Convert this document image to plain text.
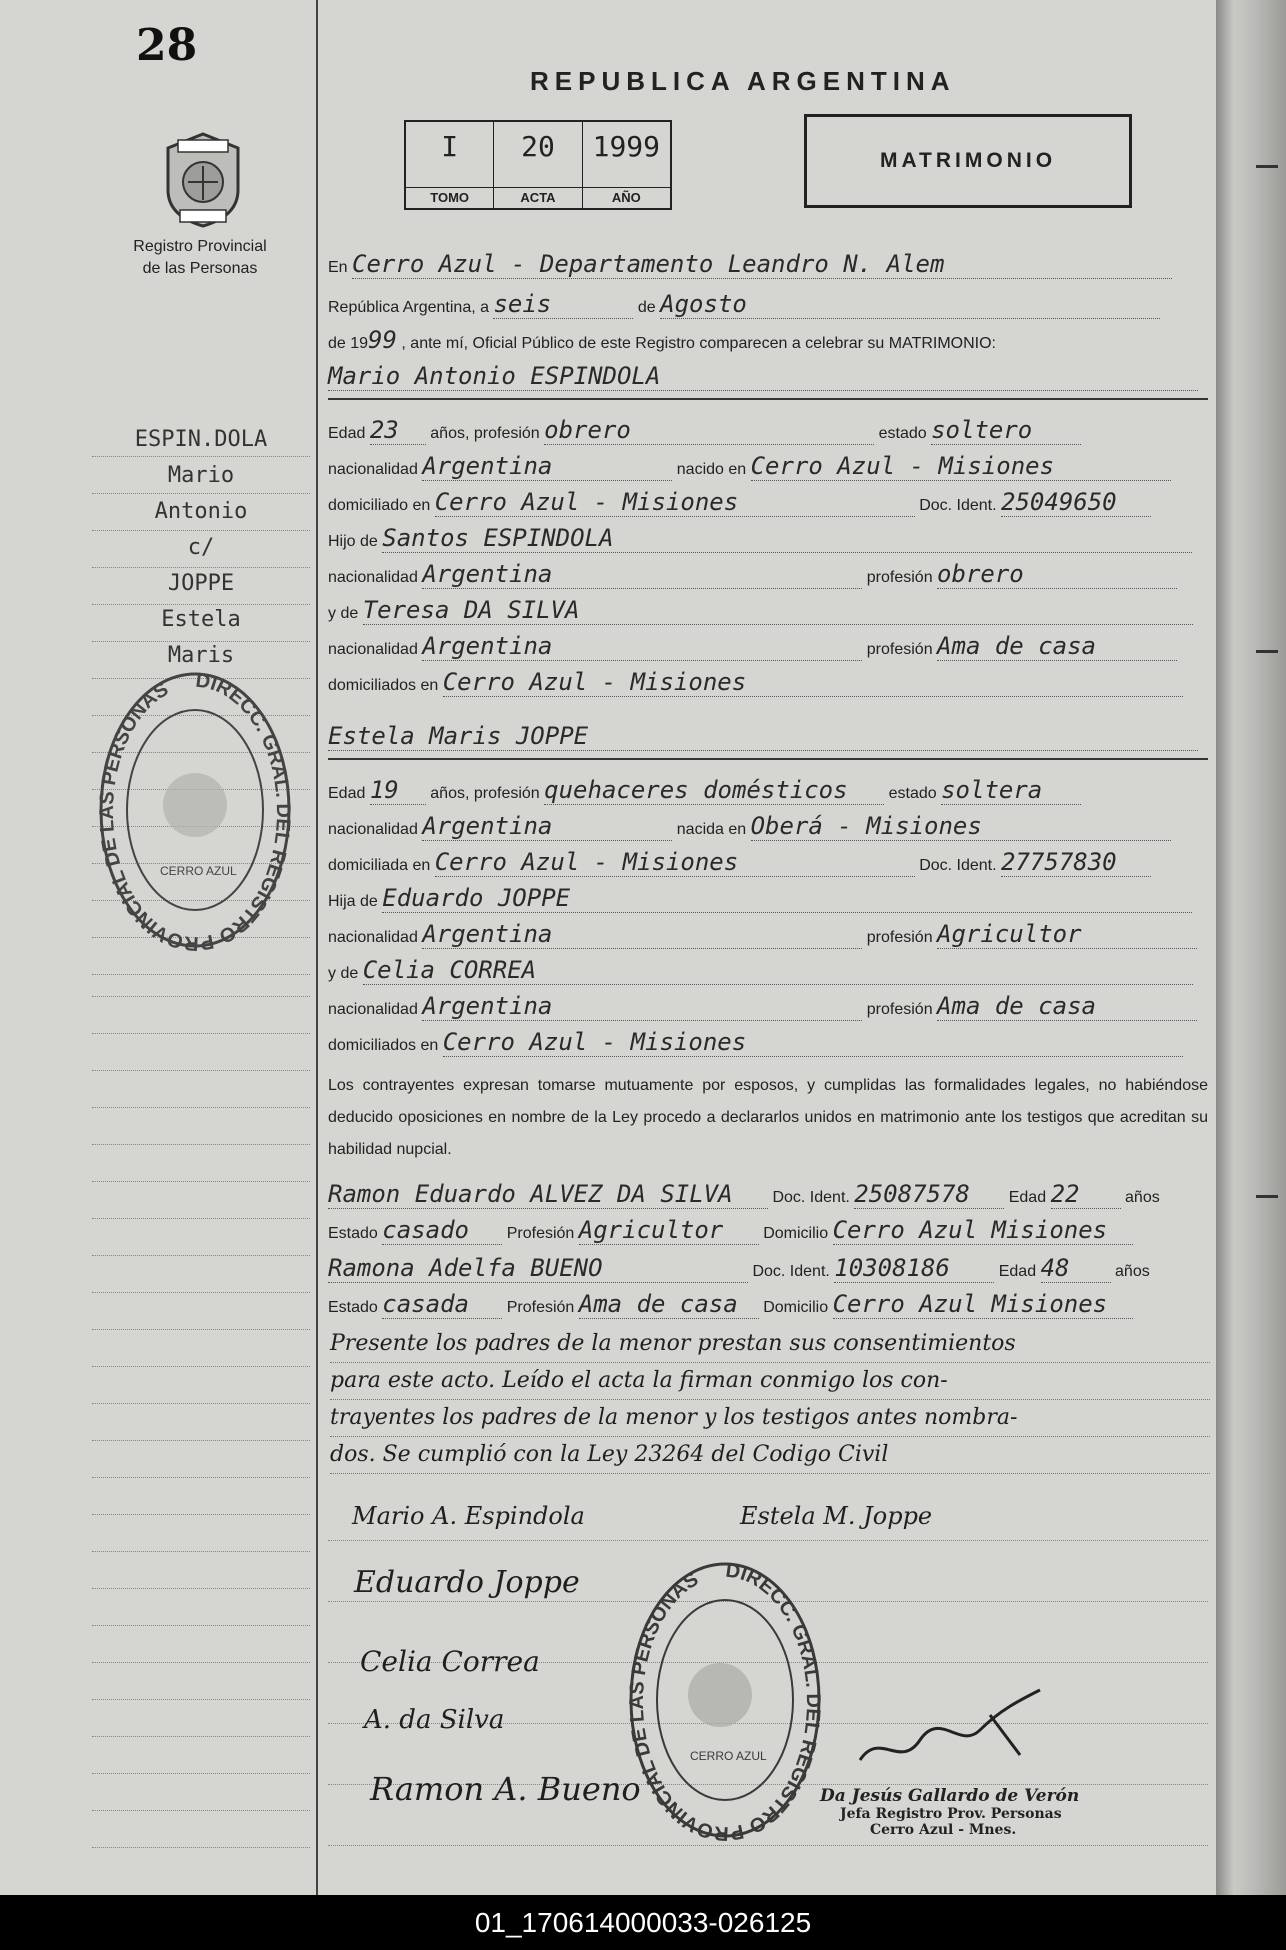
28
Registro Provincial
de las Personas
ESPIN.DOLA
Mario
Antonio
c/
JOPPE
Estela
Maris
DIRECC. GRAL. DEL REGISTRO PROVINCIAL DE LAS PERSONAS
CERRO AZUL
REPUBLICA ARGENTINA
I
TOMO
20
ACTA
1999
AÑO
MATRIMONIO
En Cerro Azul - Departamento Leandro N. Alem
República Argentina, a seis	de Agosto
de 1999 , ante mí, Oficial Público de este Registro comparecen a celebrar su MATRIMONIO:
Mario Antonio ESPINDOLA
Edad 23 años, profesión obrero	estado soltero
nacionalidad Argentina	nacido en Cerro Azul - Misiones
domiciliado en Cerro Azul - Misiones	Doc. Ident. 25049650
Hijo de Santos ESPINDOLA
nacionalidad Argentina	profesión obrero
y de Teresa DA SILVA
nacionalidad Argentina	profesión Ama de casa
domiciliados en Cerro Azul - Misiones
Estela Maris JOPPE
Edad 19 años, profesión quehaceres domésticos	estado soltera
nacionalidad Argentina	nacida en Oberá - Misiones
domiciliada en Cerro Azul - Misiones	Doc. Ident. 27757830
Hija de Eduardo JOPPE
nacionalidad Argentina	profesión Agricultor
y de Celia CORREA
nacionalidad Argentina	profesión Ama de casa
domiciliados en Cerro Azul - Misiones
Los contrayentes expresan tomarse mutuamente por esposos, y cumplidas las formalidades legales, no habiéndose deducido oposiciones en nombre de la Ley procedo a declararlos unidos en matrimonio ante los testigos que acreditan su habilidad nupcial.
Ramon Eduardo ALVEZ DA SILVA Doc. Ident. 25087578 Edad 22	años
Estado casado Profesión Agricultor Domicilio Cerro Azul Misiones
Ramona Adelfa BUENO	Doc. Ident. 10308186	Edad 48	años
Estado casada Profesión Ama de casa Domicilio Cerro Azul Misiones
Presente los padres de la menor prestan sus consentimientos
para este acto. Leído el acta la firman conmigo los con-
trayentes los padres de la menor y los testigos antes nombra-
dos. Se cumplió con la Ley 23264 del Codigo Civil
Mario A. Espindola	Estela M. Joppe
Eduardo Joppe
Celia Correa
A. da Silva
Ramon A. Bueno
DIRECC. GRAL. DEL REGISTRO PROVINCIAL DE LAS PERSONAS
CERRO AZUL
Da Jesús Gallardo de Verón
Jefa Registro Prov. Personas
Cerro Azul - Mnes.
01_170614000033-026125
